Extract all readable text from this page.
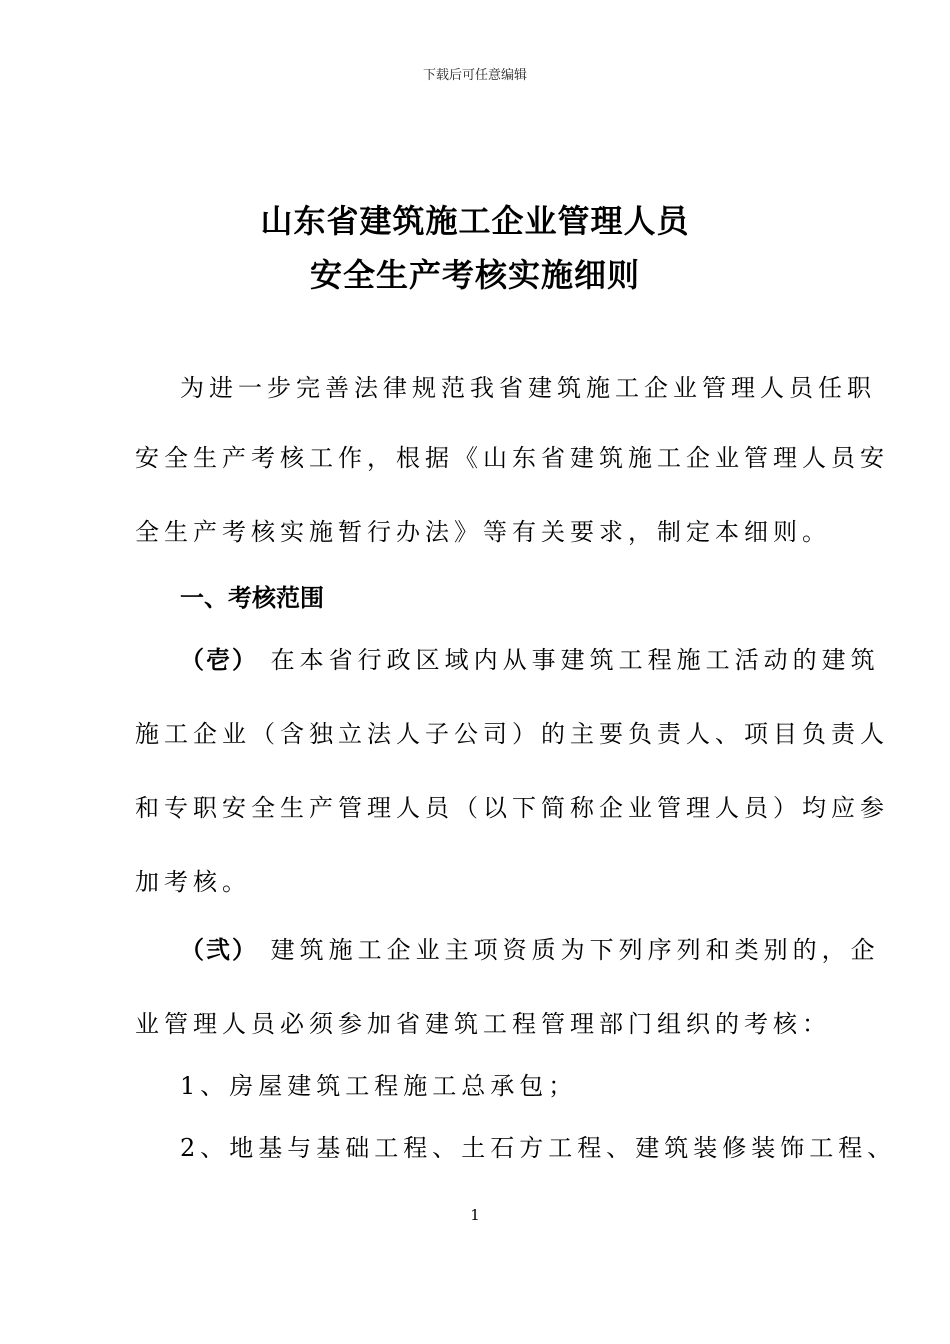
下载后可任意编辑
山东省建筑施工企业管理人员
安全生产考核实施细则
为进一步完善法律规范我省建筑施工企业管理人员任职
安全生产考核工作，根据《山东省建筑施工企业管理人员安
全生产考核实施暂行办法》等有关要求，制定本细则。
一、考核范围
（壱） 在本省行政区域内从事建筑工程施工活动的建筑
施工企业（含独立法人子公司）的主要负责人、项目负责人
和专职安全生产管理人员（以下简称企业管理人员）均应参
加考核。
（弐） 建筑施工企业主项资质为下列序列和类别的，企
业管理人员必须参加省建筑工程管理部门组织的考核：
1、房屋建筑工程施工总承包；
2、地基与基础工程、土石方工程、建筑装修装饰工程、
1
